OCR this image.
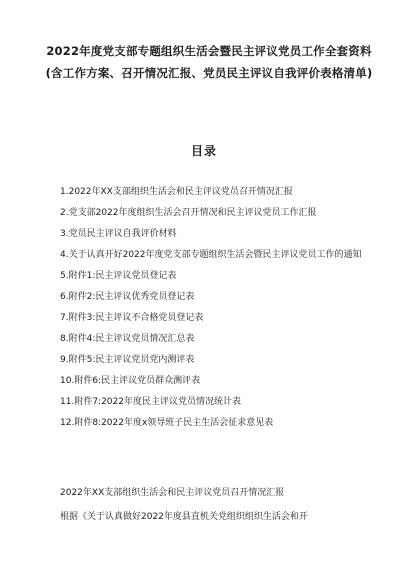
2022年度党支部专题组织生活会暨民主评议党员工作全套资料(含工作方案、召开情况汇报、党员民主评议自我评价表格清单)
目录
1.2022年XX支部组织生活会和民主评议党员召开情况汇报
2.党支部2022年度组织生活会召开情况和民主评议党员工作汇报
3.党员民主评议自我评价材料
4.关于认真开好2022年度党支部专题组织生活会暨民主评议党员工作的通知
5.附件1:民主评议党员登记表
6.附件2:民主评议优秀党员登记表
7.附件3:民主评议不合格党员登记表
8.附件4:民主评议党员情况汇总表
9.附件5:民主评议党员党内测评表
10.附件6:民主评议党员群众测评表
11.附件7:2022年度民主评议党员情况统计表
12.附件8:2022年度x领导班子民主生活会征求意见表
2022年XX支部组织生活会和民主评议党员召开情况汇报
根据《关于认真做好2022年度县直机关党组织组织生活会和开
